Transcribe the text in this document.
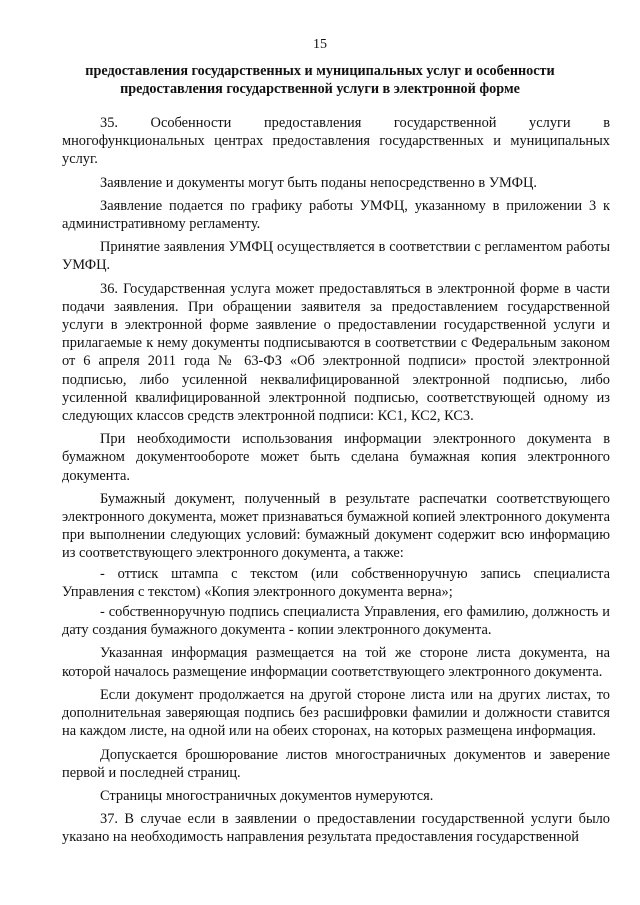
15
предоставления государственных и муниципальных услуг и особенности
предоставления государственной услуги в электронной форме

35. Особенности предоставления государственной услуги в многофункциональных центрах предоставления государственных и муниципальных услуг.

Заявление и документы могут быть поданы непосредственно в УМФЦ.

Заявление подается по графику работы УМФЦ, указанному в приложении 3 к административному регламенту.

Принятие заявления УМФЦ осуществляется в соответствии с регламентом работы УМФЦ.

36. Государственная услуга может предоставляться в электронной форме в части подачи заявления. При обращении заявителя за предоставлением государственной услуги в электронной форме заявление о предоставлении государственной услуги и прилагаемые к нему документы подписываются в соответствии с Федеральным законом от 6 апреля 2011 года № 63-ФЗ «Об электронной подписи» простой электронной подписью, либо усиленной неквалифицированной электронной подписью, либо усиленной квалифицированной электронной подписью, соответствующей одному из следующих классов средств электронной подписи: КС1, КС2, КС3.

При необходимости использования информации электронного документа в бумажном документообороте может быть сделана бумажная копия электронного документа.

Бумажный документ, полученный в результате распечатки соответствующего электронного документа, может признаваться бумажной копией электронного документа при выполнении следующих условий: бумажный документ содержит всю информацию из соответствующего электронного документа, а также:

- оттиск штампа с текстом (или собственноручную запись специалиста Управления с текстом) «Копия электронного документа верна»;

- собственноручную подпись специалиста Управления, его фамилию, должность и дату создания бумажного документа - копии электронного документа.

Указанная информация размещается на той же стороне листа документа, на которой началось размещение информации соответствующего электронного документа.

Если документ продолжается на другой стороне листа или на других листах, то дополнительная заверяющая подпись без расшифровки фамилии и должности ставится на каждом листе, на одной или на обеих сторонах, на которых размещена информация.

Допускается брошюрование листов многостраничных документов и заверение первой и последней страниц.

Страницы многостраничных документов нумеруются.

37. В случае если в заявлении о предоставлении государственной услуги было указано на необходимость направления результата предоставления государственной
